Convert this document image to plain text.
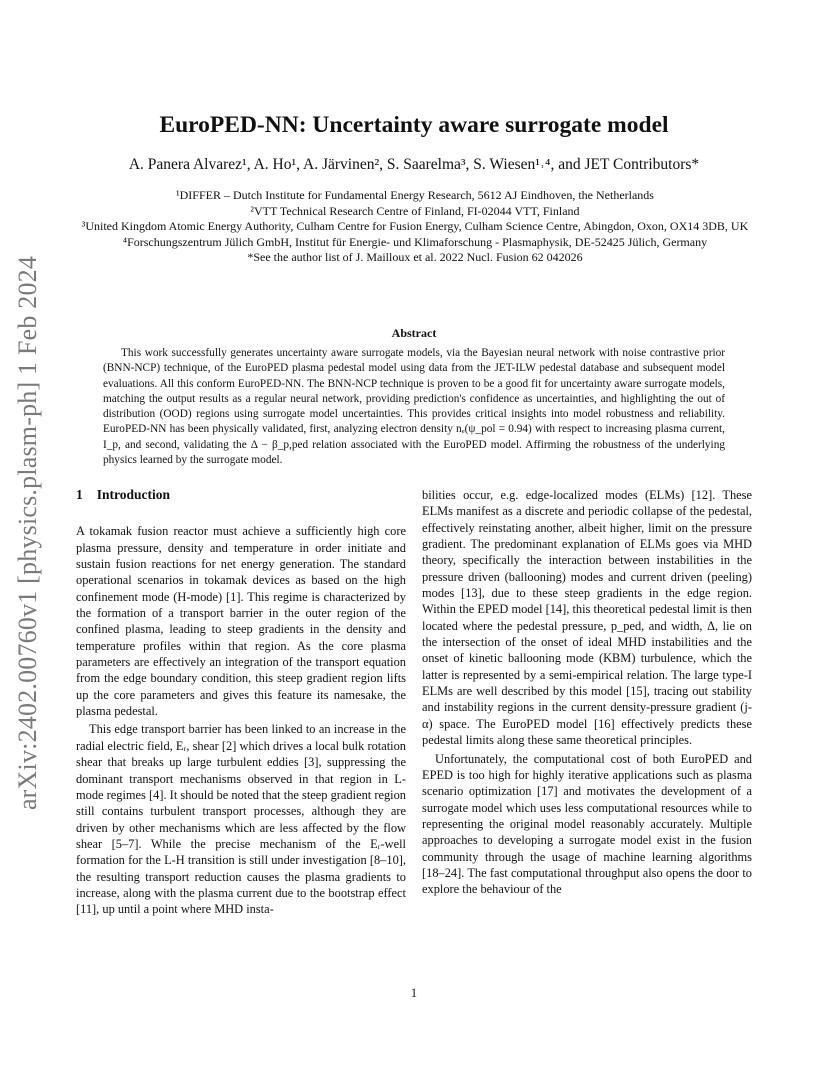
arXiv:2402.00760v1 [physics.plasm-ph] 1 Feb 2024
EuroPED-NN: Uncertainty aware surrogate model
A. Panera Alvarez¹, A. Ho¹, A. Järvinen², S. Saarelma³, S. Wiesen¹˒⁴, and JET Contributors*
¹DIFFER – Dutch Institute for Fundamental Energy Research, 5612 AJ Eindhoven, the Netherlands
²VTT Technical Research Centre of Finland, FI-02044 VTT, Finland
³United Kingdom Atomic Energy Authority, Culham Centre for Fusion Energy, Culham Science Centre, Abingdon, Oxon, OX14 3DB, UK
⁴Forschungszentrum Jülich GmbH, Institut für Energie- und Klimaforschung - Plasmaphysik, DE-52425 Jülich, Germany
*See the author list of J. Mailloux et al. 2022 Nucl. Fusion 62 042026
Abstract

This work successfully generates uncertainty aware surrogate models, via the Bayesian neural network with noise contrastive prior (BNN-NCP) technique, of the EuroPED plasma pedestal model using data from the JET-ILW pedestal database and subsequent model evaluations. All this conform EuroPED-NN. The BNN-NCP technique is proven to be a good fit for uncertainty aware surrogate models, matching the output results as a regular neural network, providing prediction's confidence as uncertainties, and highlighting the out of distribution (OOD) regions using surrogate model uncertainties. This provides critical insights into model robustness and reliability. EuroPED-NN has been physically validated, first, analyzing electron density nₑ(ψ_pol = 0.94) with respect to increasing plasma current, I_p, and second, validating the Δ − β_p,ped relation associated with the EuroPED model. Affirming the robustness of the underlying physics learned by the surrogate model.

1 Introduction

A tokamak fusion reactor must achieve a sufficiently high core plasma pressure, density and temperature in order initiate and sustain fusion reactions for net energy generation. The standard operational scenarios in tokamak devices as based on the high confinement mode (H-mode) [1]. This regime is characterized by the formation of a transport barrier in the outer region of the confined plasma, leading to steep gradients in the density and temperature profiles within that region. As the core plasma parameters are effectively an integration of the transport equation from the edge boundary condition, this steep gradient region lifts up the core parameters and gives this feature its namesake, the plasma pedestal.

This edge transport barrier has been linked to an increase in the radial electric field, Eᵣ, shear [2] which drives a local bulk rotation shear that breaks up large turbulent eddies [3], suppressing the dominant transport mechanisms observed in that region in L-mode regimes [4]. It should be noted that the steep gradient region still contains turbulent transport processes, although they are driven by other mechanisms which are less affected by the flow shear [5–7]. While the precise mechanism of the Eᵣ-well formation for the L-H transition is still under investigation [8–10], the resulting transport reduction causes the plasma gradients to increase, along with the plasma current due to the bootstrap effect [11], up until a point where MHD insta-

bilities occur, e.g. edge-localized modes (ELMs) [12]. These ELMs manifest as a discrete and periodic collapse of the pedestal, effectively reinstating another, albeit higher, limit on the pressure gradient. The predominant explanation of ELMs goes via MHD theory, specifically the interaction between instabilities in the pressure driven (ballooning) modes and current driven (peeling) modes [13], due to these steep gradients in the edge region. Within the EPED model [14], this theoretical pedestal limit is then located where the pedestal pressure, p_ped, and width, Δ, lie on the intersection of the onset of ideal MHD instabilities and the onset of kinetic ballooning mode (KBM) turbulence, which the latter is represented by a semi-empirical relation. The large type-I ELMs are well described by this model [15], tracing out stability and instability regions in the current density-pressure gradient (j-α) space. The EuroPED model [16] effectively predicts these pedestal limits along these same theoretical principles.

Unfortunately, the computational cost of both EuroPED and EPED is too high for highly iterative applications such as plasma scenario optimization [17] and motivates the development of a surrogate model which uses less computational resources while to representing the original model reasonably accurately. Multiple approaches to developing a surrogate model exist in the fusion community through the usage of machine learning algorithms [18–24]. The fast computational throughput also opens the door to explore the behaviour of the

1
